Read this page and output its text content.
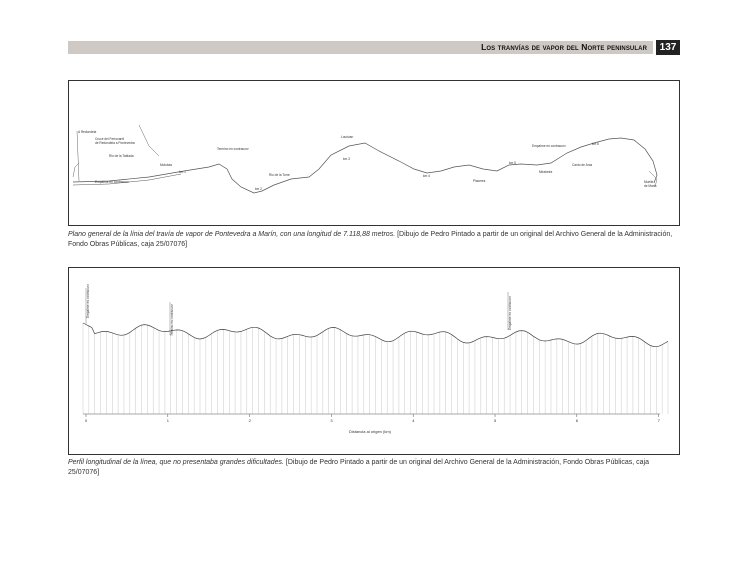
Los tranvías de vapor del Norte peninsular	137
A Redondela
Cruce del Ferrocarril
de Redondela a Pontevedra
Rio de la Tablada
Empalme en contracurv
Molubas
km 1
Termino en contracurv
Rio de la Torre
km 2
Lourizan
km 3
km 4
Placeres
km 5
Empalme en contracurv
Mirabeira
km 6
Canto de Arca
Muelle
de Marin
Plano general de la línia del travía de vapor de Pontevedra a Marín, con una longitud de 7.118,88 metros. [Dibujo de Pedro Pintado a partir de un original del Archivo General de la Administración, Fondo Obras Públicas, caja 25/07076]
0	1	2	3	4	5	6	7
Empalme en contracurv
Termino en contracurv	Empalme en contracurv
Distancia al origen (km)
Perfil longitudinal de la línea, que no presentaba grandes dificultades. [Dibujo de Pedro Pintado a partir de un original del Archivo General de la Administración, Fondo Obras Públicas, caja 25/07076]
